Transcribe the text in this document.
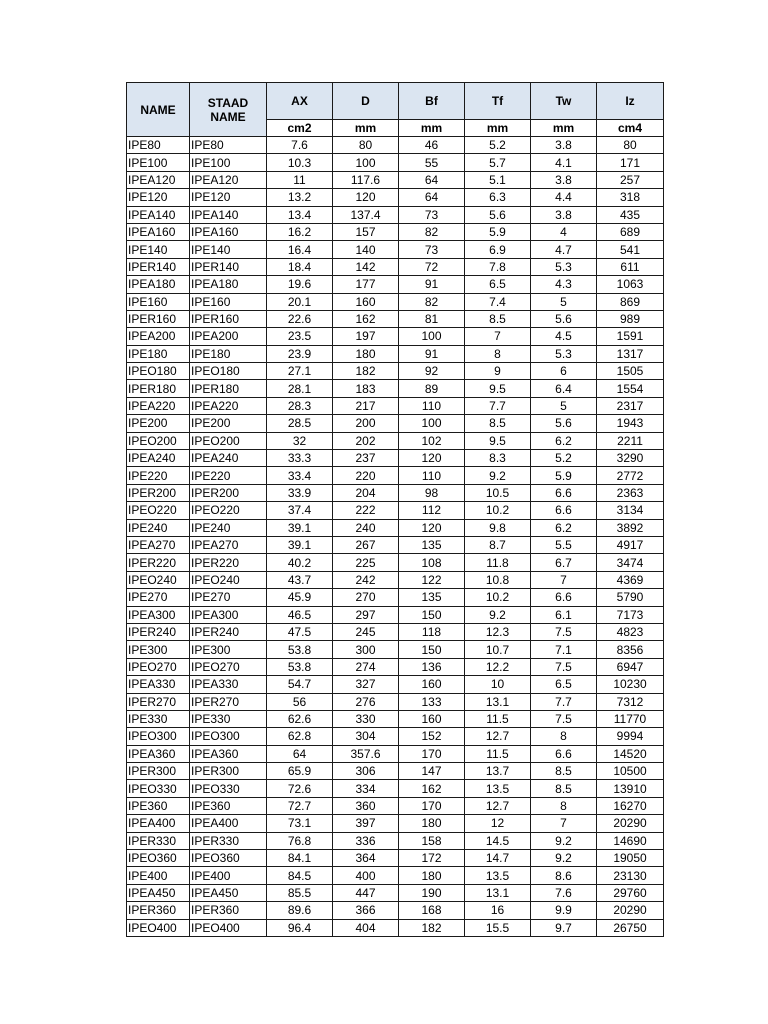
NAME	STAAD NAME	AX	D	Bf	Tf	Tw	Iz
		cm2	mm	mm	mm	mm	cm4
IPE80	IPE80	7.6	80	46	5.2	3.8	80
IPE100	IPE100	10.3	100	55	5.7	4.1	171
IPEA120	IPEA120	11	117.6	64	5.1	3.8	257
IPE120	IPE120	13.2	120	64	6.3	4.4	318
IPEA140	IPEA140	13.4	137.4	73	5.6	3.8	435
IPEA160	IPEA160	16.2	157	82	5.9	4	689
IPE140	IPE140	16.4	140	73	6.9	4.7	541
IPER140	IPER140	18.4	142	72	7.8	5.3	611
IPEA180	IPEA180	19.6	177	91	6.5	4.3	1063
IPE160	IPE160	20.1	160	82	7.4	5	869
IPER160	IPER160	22.6	162	81	8.5	5.6	989
IPEA200	IPEA200	23.5	197	100	7	4.5	1591
IPE180	IPE180	23.9	180	91	8	5.3	1317
IPEO180	IPEO180	27.1	182	92	9	6	1505
IPER180	IPER180	28.1	183	89	9.5	6.4	1554
IPEA220	IPEA220	28.3	217	110	7.7	5	2317
IPE200	IPE200	28.5	200	100	8.5	5.6	1943
IPEO200	IPEO200	32	202	102	9.5	6.2	2211
IPEA240	IPEA240	33.3	237	120	8.3	5.2	3290
IPE220	IPE220	33.4	220	110	9.2	5.9	2772
IPER200	IPER200	33.9	204	98	10.5	6.6	2363
IPEO220	IPEO220	37.4	222	112	10.2	6.6	3134
IPE240	IPE240	39.1	240	120	9.8	6.2	3892
IPEA270	IPEA270	39.1	267	135	8.7	5.5	4917
IPER220	IPER220	40.2	225	108	11.8	6.7	3474
IPEO240	IPEO240	43.7	242	122	10.8	7	4369
IPE270	IPE270	45.9	270	135	10.2	6.6	5790
IPEA300	IPEA300	46.5	297	150	9.2	6.1	7173
IPER240	IPER240	47.5	245	118	12.3	7.5	4823
IPE300	IPE300	53.8	300	150	10.7	7.1	8356
IPEO270	IPEO270	53.8	274	136	12.2	7.5	6947
IPEA330	IPEA330	54.7	327	160	10	6.5	10230
IPER270	IPER270	56	276	133	13.1	7.7	7312
IPE330	IPE330	62.6	330	160	11.5	7.5	11770
IPEO300	IPEO300	62.8	304	152	12.7	8	9994
IPEA360	IPEA360	64	357.6	170	11.5	6.6	14520
IPER300	IPER300	65.9	306	147	13.7	8.5	10500
IPEO330	IPEO330	72.6	334	162	13.5	8.5	13910
IPE360	IPE360	72.7	360	170	12.7	8	16270
IPEA400	IPEA400	73.1	397	180	12	7	20290
IPER330	IPER330	76.8	336	158	14.5	9.2	14690
IPEO360	IPEO360	84.1	364	172	14.7	9.2	19050
IPE400	IPE400	84.5	400	180	13.5	8.6	23130
IPEA450	IPEA450	85.5	447	190	13.1	7.6	29760
IPER360	IPER360	89.6	366	168	16	9.9	20290
IPEO400	IPEO400	96.4	404	182	15.5	9.7	26750
